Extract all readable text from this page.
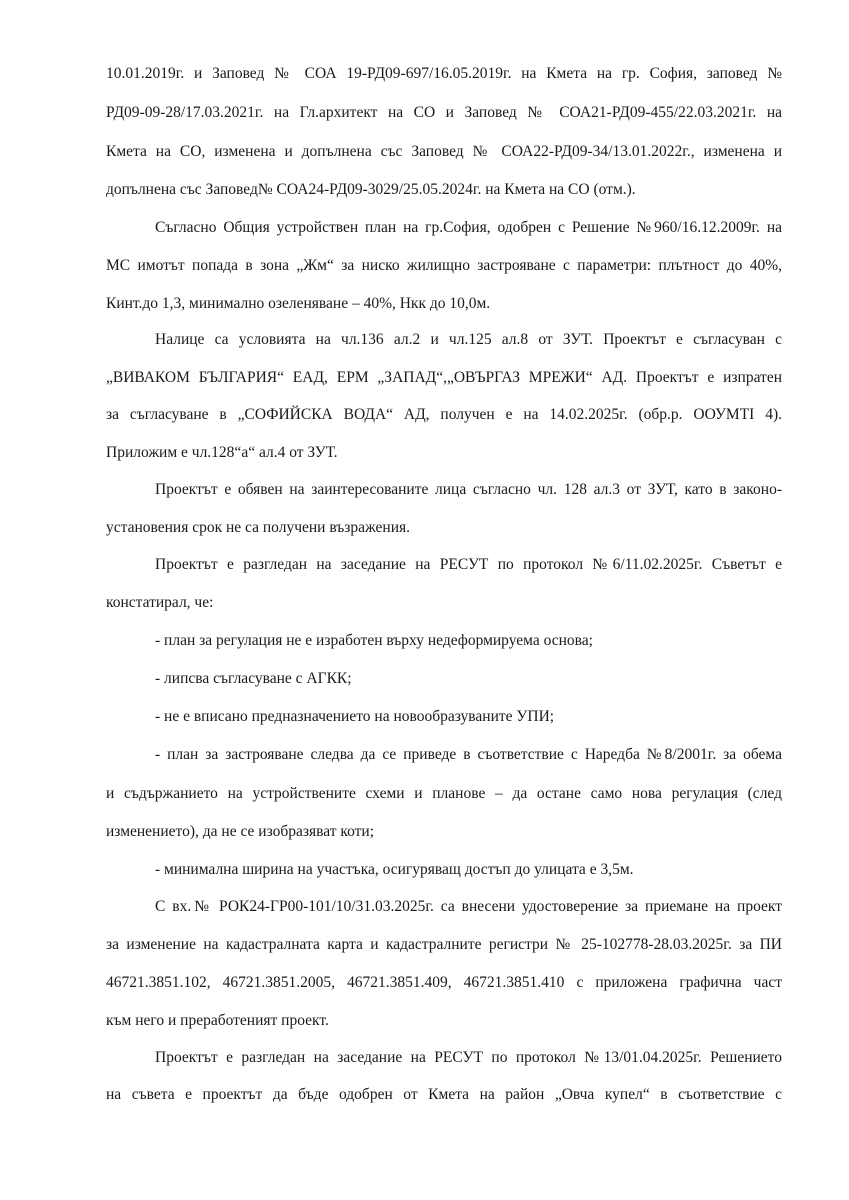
10.01.2019г. и Заповед № СОА 19-РД09-697/16.05.2019г. на Кмета на гр. София, заповед №
РД09-09-28/17.03.2021г. на Гл.архитект на СО и Заповед № СОА21-РД09-455/22.03.2021г. на
Кмета на СО, изменена и допълнена със Заповед № СОА22-РД09-34/13.01.2022г., изменена и
допълнена със Заповед№ СОА24-РД09-3029/25.05.2024г. на Кмета на СО (отм.).
Съгласно Общия устройствен план на гр.София, одобрен с Решение №960/16.12.2009г. на
МС имотът попада в зона „Жм“ за ниско жилищно застрояване с параметри: плътност до 40%,
Кинт.до 1,3, минимално озеленяване – 40%, Нкк до 10,0м.
Налице са условията на чл.136 ал.2 и чл.125 ал.8 от ЗУТ. Проектът е съгласуван с
„ВИВАКОМ БЪЛГАРИЯ“ ЕАД, ЕРМ „ЗАПАД“,„ОВЪРГАЗ МРЕЖИ“ АД. Проектът е изпратен
за съгласуване в „СОФИЙСКА ВОДА“ АД, получен е на 14.02.2025г. (обр.р. ООУМТI 4).
Приложим е чл.128“а“ ал.4 от ЗУТ.
Проектът е обявен на заинтересованите лица съгласно чл. 128 ал.3 от ЗУТ, като в законо-
установения срок не са получени възражения.
Проектът е разгледан на заседание на РЕСУТ по протокол №6/11.02.2025г. Съветът е
констатирал, че:
- план за регулация не е изработен върху недеформируема основа;
- липсва съгласуване с АГКК;
- не е вписано предназначението на новообразуваните УПИ;
- план за застрояване следва да се приведе в съответствие с Наредба №8/2001г. за обема
и съдържанието на устройствените схеми и планове – да остане само нова регулация (след
изменението), да не се изобразяват коти;
- минимална ширина на участъка, осигуряващ достъп до улицата е 3,5м.
С вх.№ РОК24-ГР00-101/10/31.03.2025г. са внесени удостоверение за приемане на проект
за изменение на кадастралната карта и кадастралните регистри № 25-102778-28.03.2025г. за ПИ
46721.3851.102, 46721.3851.2005, 46721.3851.409, 46721.3851.410 с приложена графична част
към него и преработеният проект.
Проектът е разгледан на заседание на РЕСУТ по протокол №13/01.04.2025г. Решението
на съвета е проектът да бъде одобрен от Кмета на район „Овча купел“ в съответствие с
